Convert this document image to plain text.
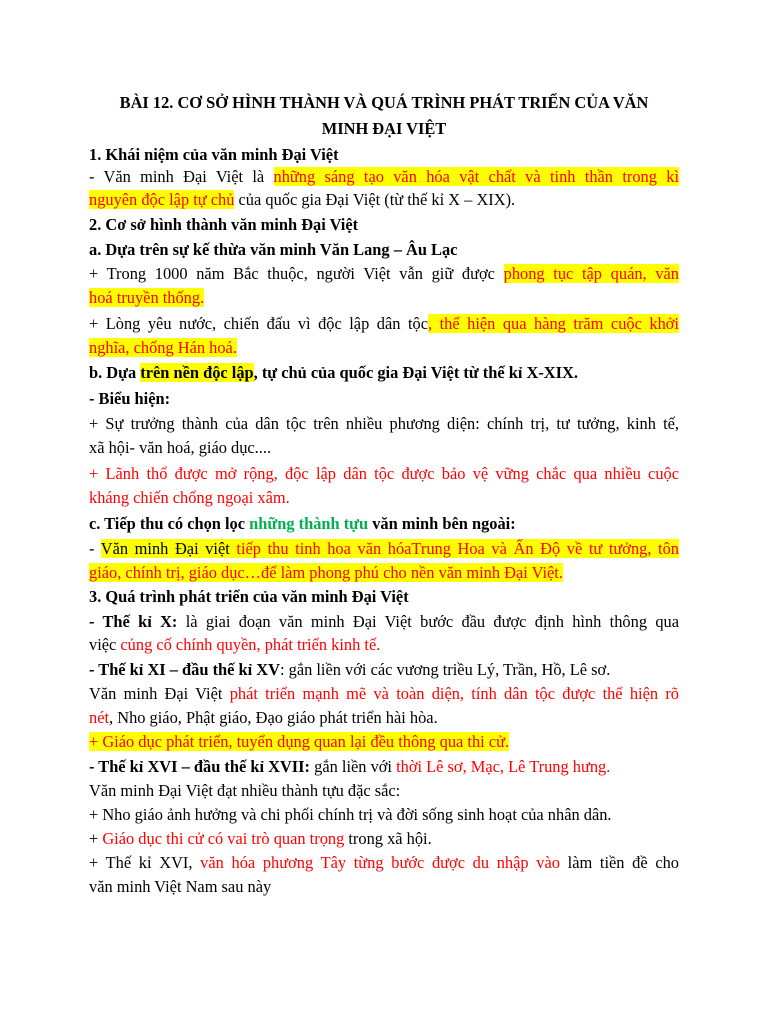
BÀI 12. CƠ SỞ HÌNH THÀNH VÀ QUÁ TRÌNH PHÁT TRIỂN CỦA VĂN
MINH ĐẠI VIỆT
1. Khái niệm của văn minh Đại Việt
- Văn minh Đại Việt là những sáng tạo văn hóa vật chất và tinh thần trong kì
nguyên độc lập tự chủ của quốc gia Đại Việt (từ thế kỉ X – XIX).
2. Cơ sở hình thành văn minh Đại Việt
a. Dựa trên sự kế thừa văn minh Văn Lang – Âu Lạc
+ Trong 1000 năm Bắc thuộc, người Việt vẫn giữ được phong tục tập quán, văn
hoá truyền thống.
+ Lòng yêu nước, chiến đấu vì độc lập dân tộc, thể hiện qua hàng trăm cuộc khởi
nghĩa, chống Hán hoá.
b. Dựa trên nền độc lập, tự chủ của quốc gia Đại Việt từ thế kỉ X-XIX.
- Biểu hiện:
+ Sự trưởng thành của dân tộc trên nhiều phương diện: chính trị, tư tưởng, kinh tế,
xã hội- văn hoá, giáo dục....
+ Lãnh thổ được mở rộng, độc lập dân tộc được bảo vệ vững chắc qua nhiều cuộc
kháng chiến chống ngoại xâm.
c. Tiếp thu có chọn lọc những thành tựu văn minh bên ngoài:
- Văn minh Đại việt tiếp thu tinh hoa văn hóaTrung Hoa và Ấn Độ về tư tưởng, tôn
giáo, chính trị, giáo dục…để làm phong phú cho nền văn minh Đại Việt.
3. Quá trình phát triển của văn minh Đại Việt
- Thế kỉ X: là giai đoạn văn minh Đại Việt bước đầu được định hình thông qua
việc củng cố chính quyền, phát triển kinh tế.
- Thế kỉ XI – đầu thế kỉ XV: gắn liền với các vương triều Lý, Trần, Hồ, Lê sơ.
Văn minh Đại Việt phát triển mạnh mẽ và toàn diện, tính dân tộc được thể hiện rõ
nét, Nho giáo, Phật giáo, Đạo giáo phát triển hài hòa.
+ Giáo dục phát triển, tuyển dụng quan lại đều thông qua thi cử.
- Thế kỉ XVI – đầu thế kỉ XVII: gắn liền với thời Lê sơ, Mạc, Lê Trung hưng.
Văn minh Đại Việt đạt nhiều thành tựu đặc sắc:
+ Nho giáo ảnh hưởng và chi phối chính trị và đời sống sinh hoạt của nhân dân.
+ Giáo dục thi cử có vai trò quan trọng trong xã hội.
+ Thế kỉ XVI, văn hóa phương Tây từng bước được du nhập vào làm tiền đề cho
văn minh Việt Nam sau này
